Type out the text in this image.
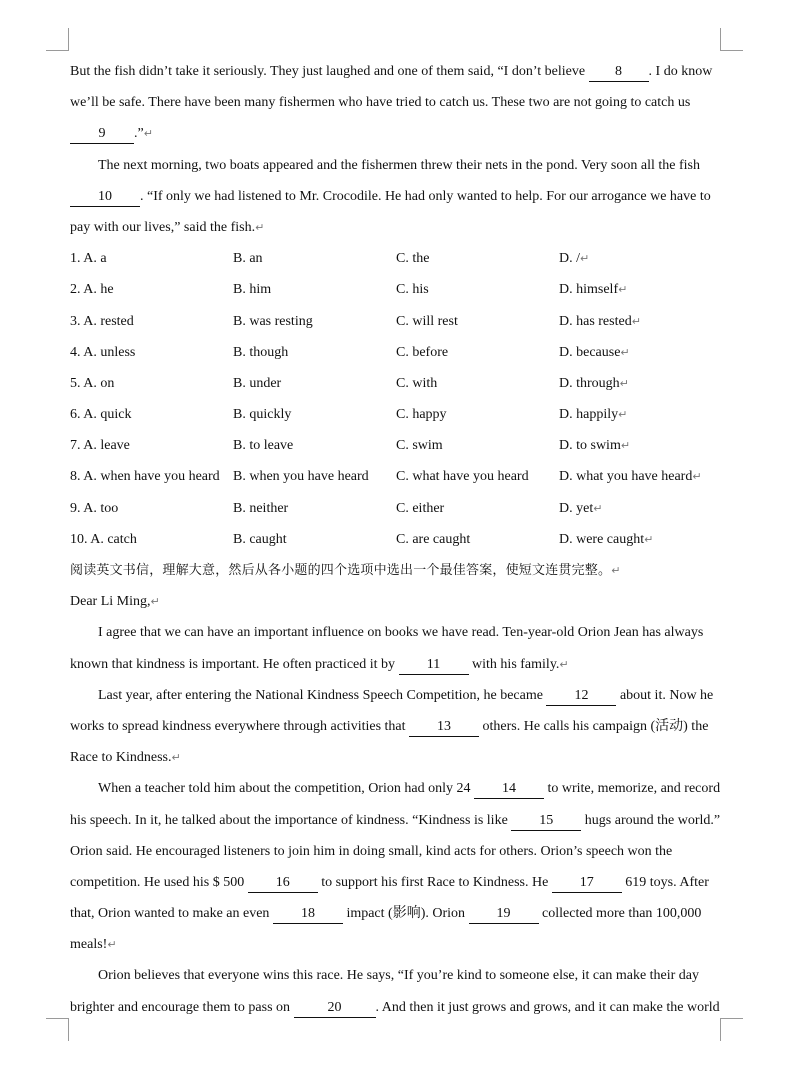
But the fish didn’t take it seriously. They just laughed and one of them said, “I don’t believe 8 . I do know
we’ll be safe. There have been many fishermen who have tried to catch us. These two are not going to catch us
9 .”↵
The next morning, two boats appeared and the fishermen threw their nets in the pond. Very soon all the fish
10 . “If only we had listened to Mr. Crocodile. He had only wanted to help. For our arrogance we have to
pay with our lives,” said the fish.↵
1. A. a	B. an	C. the	D. /↵
2. A. he	B. him	C. his	D. himself↵
3. A. rested	B. was resting	C. will rest	D. has rested↵
4. A. unless	B. though	C. before	D. because↵
5. A. on	B. under	C. with	D. through↵
6. A. quick	B. quickly	C. happy	D. happily↵
7. A. leave	B. to leave	C. swim	D. to swim↵
8. A. when have you heard B. when you have heard	C. what have you heard	D. what you have heard↵
9. A. too	B. neither	C. either	D. yet↵
10. A. catch	B. caught	C. are caught	D. were caught↵
阅读英文书信，理解大意，然后从各小题的四个选项中选出一个最佳答案，使短文连贯完整。↵
Dear Li Ming,↵
I agree that we can have an important influence on books we have read. Ten-year-old Orion Jean has always
known that kindness is important. He often practiced it by 11 with his family.↵
Last year, after entering the National Kindness Speech Competition, he became 12 about it. Now he
works to spread kindness everywhere through activities that 13 others. He calls his campaign (活动) the
Race to Kindness.↵
When a teacher told him about the competition, Orion had only 24 14 to write, memorize, and record
his speech. In it, he talked about the importance of kindness. “Kindness is like 15 hugs around the world.”
Orion said. He encouraged listeners to join him in doing small, kind acts for others. Orion’s speech won the
competition. He used his $ 500 16 to support his first Race to Kindness. He 17 619 toys. After
that, Orion wanted to make an even 18 impact (影响). Orion 19 collected more than 100,000
meals!↵
Orion believes that everyone wins this race. He says, “If you’re kind to someone else, it can make their day
brighter and encourage them to pass on 20 . And then it just grows and grows, and it can make the world
